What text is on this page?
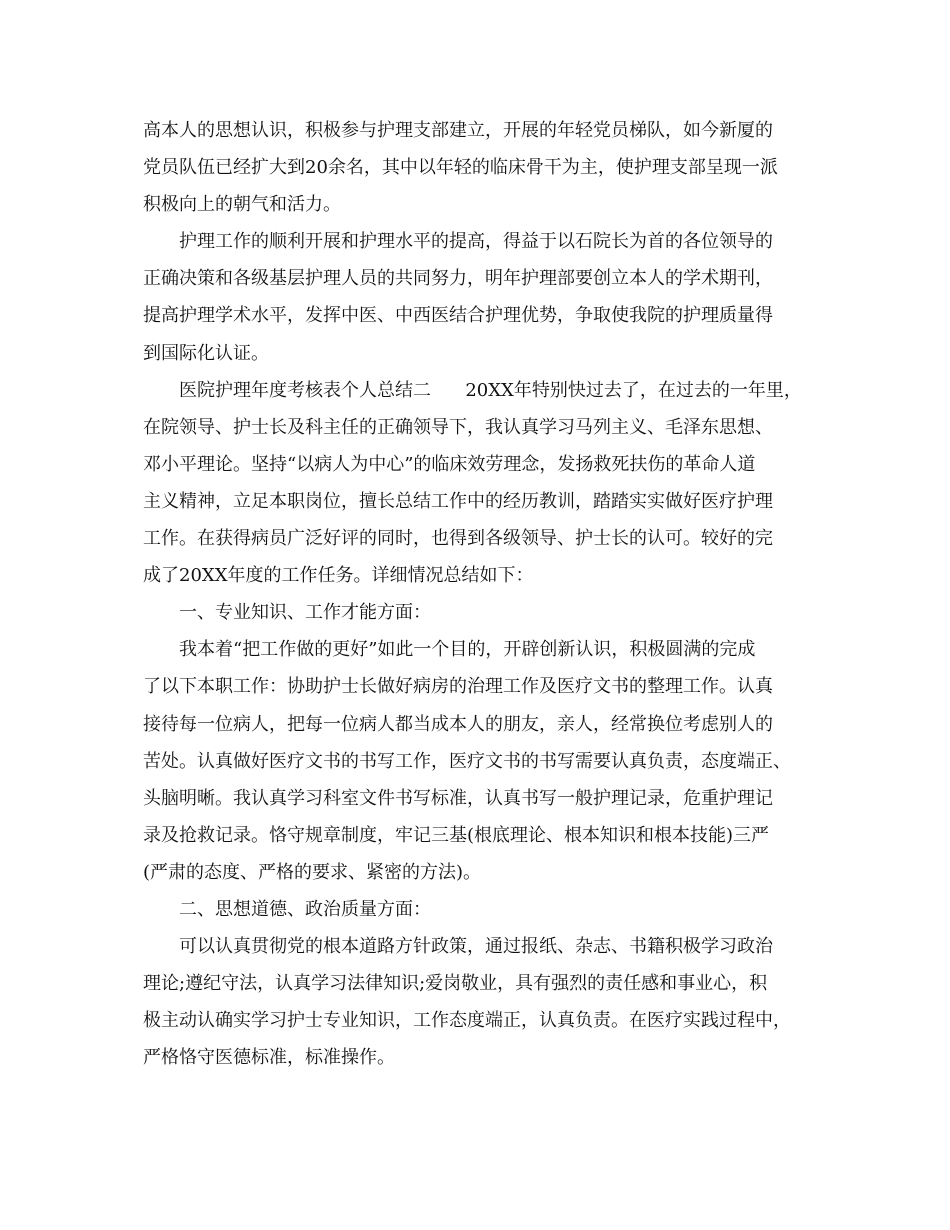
高本人的思想认识，积极参与护理支部建立，开展的年轻党员梯队，如今新厦的
党员队伍已经扩大到20余名，其中以年轻的临床骨干为主，使护理支部呈现一派
积极向上的朝气和活力。
护理工作的顺利开展和护理水平的提高，得益于以石院长为首的各位领导的
正确决策和各级基层护理人员的共同努力，明年护理部要创立本人的学术期刊，
提高护理学术水平，发挥中医、中西医结合护理优势，争取使我院的护理质量得
到国际化认证。
医院护理年度考核表个人总结二      20XX年特别快过去了，在过去的一年里，
在院领导、护士长及科主任的正确领导下，我认真学习马列主义、毛泽东思想、
邓小平理论。坚持“以病人为中心”的临床效劳理念，发扬救死扶伤的革命人道
主义精神，立足本职岗位，擅长总结工作中的经历教训，踏踏实实做好医疗护理
工作。在获得病员广泛好评的同时，也得到各级领导、护士长的认可。较好的完
成了20XX年度的工作任务。详细情况总结如下：
一、专业知识、工作才能方面：
我本着“把工作做的更好”如此一个目的，开辟创新认识，积极圆满的完成
了以下本职工作：协助护士长做好病房的治理工作及医疗文书的整理工作。认真
接待每一位病人，把每一位病人都当成本人的朋友，亲人，经常换位考虑别人的
苦处。认真做好医疗文书的书写工作，医疗文书的书写需要认真负责，态度端正、
头脑明晰。我认真学习科室文件书写标准，认真书写一般护理记录，危重护理记
录及抢救记录。恪守规章制度，牢记三基(根底理论、根本知识和根本技能)三严
(严肃的态度、严格的要求、紧密的方法)。
二、思想道德、政治质量方面：
可以认真贯彻党的根本道路方针政策，通过报纸、杂志、书籍积极学习政治
理论;遵纪守法，认真学习法律知识;爱岗敬业，具有强烈的责任感和事业心，积
极主动认确实学习护士专业知识，工作态度端正，认真负责。在医疗实践过程中，
严格恪守医德标准，标准操作。
